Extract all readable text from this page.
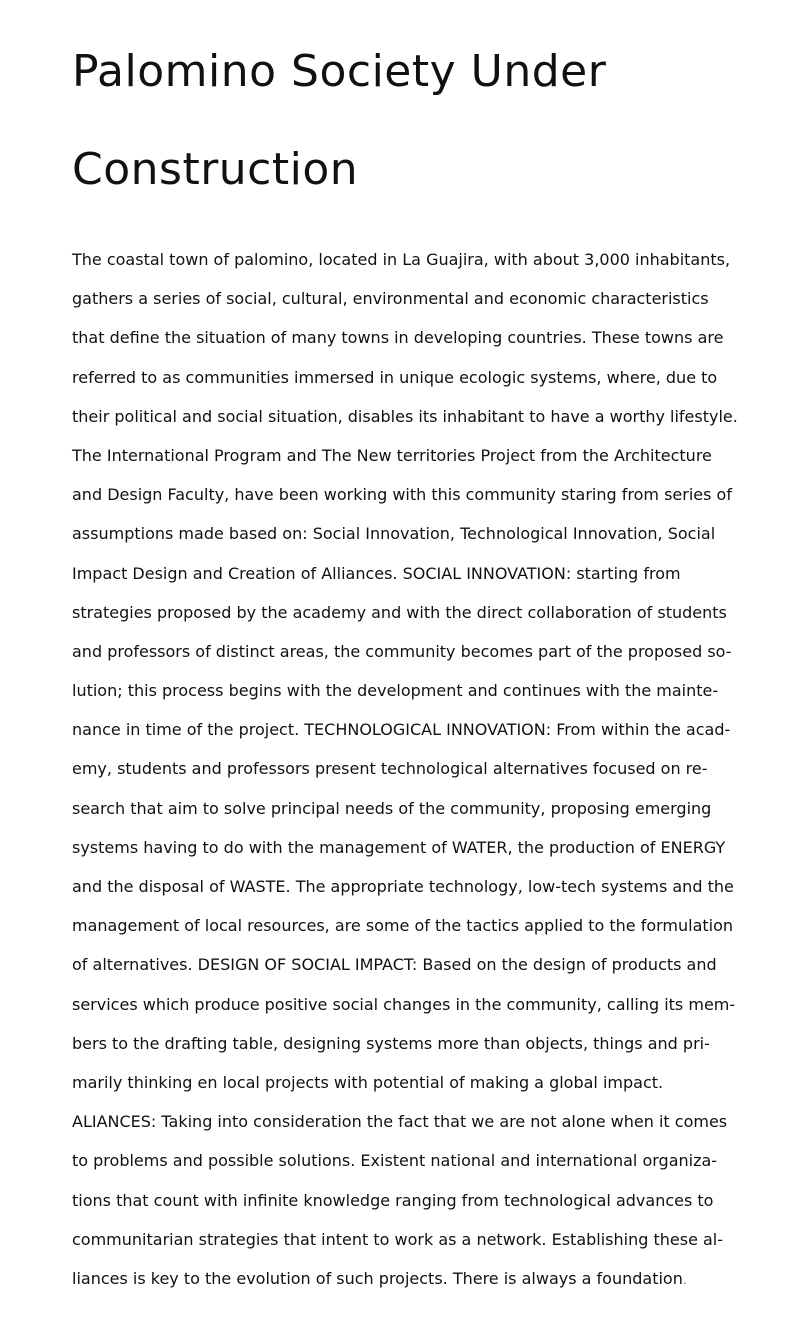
Palomino Society Under
Construction
The coastal town of palomino, located in La Guajira, with about 3,000 inhabitants,
gathers a series of social, cultural, environmental and economic characteristics
that define the situation of many towns in developing countries. These towns are
referred to as communities immersed in unique ecologic systems, where, due to
their political and social situation, disables its inhabitant to have a worthy lifestyle.
The International Program and The New territories Project from the Architecture
and Design Faculty, have been working with this community staring from series of
assumptions made based on: Social Innovation, Technological Innovation, Social
Impact Design and Creation of Alliances. SOCIAL INNOVATION: starting from
strategies proposed by the academy and with the direct collaboration of students
and professors of distinct areas, the community becomes part of the proposed so-
lution; this process begins with the development and continues with the mainte-
nance in time of the project. TECHNOLOGICAL INNOVATION: From within the acad-
emy, students and professors present technological alternatives focused on re-
search that aim to solve principal needs of the community, proposing emerging
systems having to do with the management of WATER, the production of ENERGY
and the disposal of WASTE. The appropriate technology, low-tech systems and the
management of local resources, are some of the tactics applied to the formulation
of alternatives. DESIGN OF SOCIAL IMPACT: Based on the design of products and
services which produce positive social changes in the community, calling its mem-
bers to the drafting table, designing systems more than objects, things and pri-
marily thinking en local projects with potential of making a global impact.
ALIANCES: Taking into consideration the fact that we are not alone when it comes
to problems and possible solutions. Existent national and international organiza-
tions that count with infinite knowledge ranging from technological advances to
communitarian strategies that intent to work as a network. Establishing these al-
liances is key to the evolution of such projects. There is always a foundation.
